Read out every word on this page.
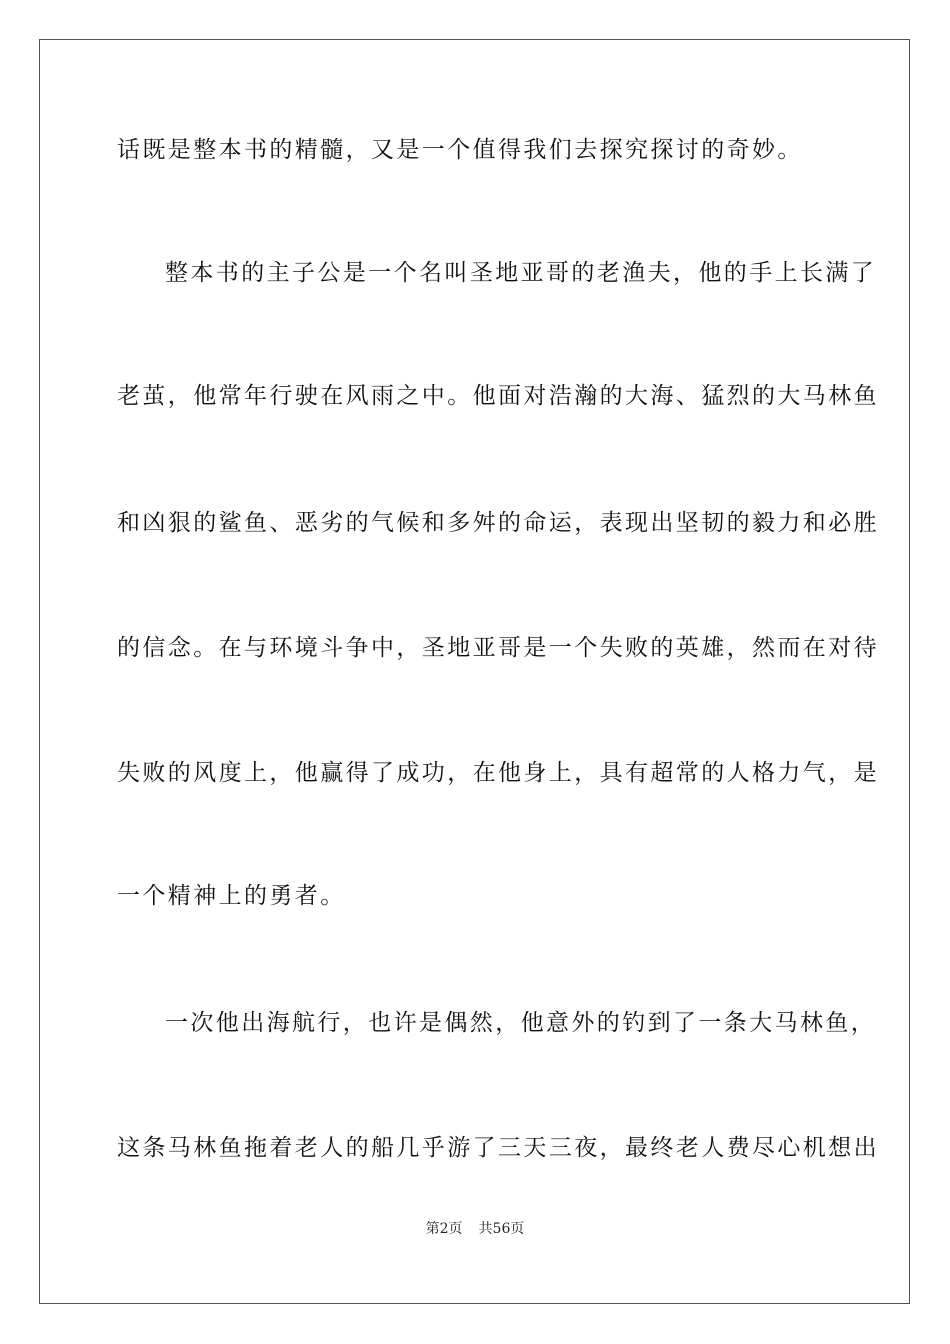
话既是整本书的精髓，又是一个值得我们去探究探讨的奇妙。
整本书的主子公是一个名叫圣地亚哥的老渔夫，他的手上长满了
老茧，他常年行驶在风雨之中。他面对浩瀚的大海、猛烈的大马林鱼
和凶狠的鲨鱼、恶劣的气候和多舛的命运，表现出坚韧的毅力和必胜
的信念。在与环境斗争中，圣地亚哥是一个失败的英雄，然而在对待
失败的风度上，他赢得了成功，在他身上，具有超常的人格力气，是
一个精神上的勇者。
一次他出海航行，也许是偶然，他意外的钓到了一条大马林鱼，
这条马林鱼拖着老人的船几乎游了三天三夜，最终老人费尽心机想出
第2页 共56页
